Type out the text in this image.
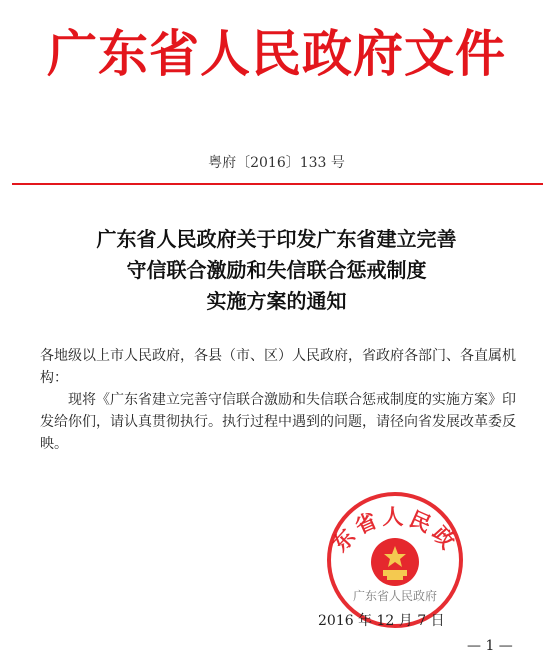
广东省人民政府文件
粤府〔2016〕133 号
广东省人民政府关于印发广东省建立完善
守信联合激励和失信联合惩戒制度
实施方案的通知
各地级以上市人民政府，各县（市、区）人民政府，省政府各部门、各直属机构：
现将《广东省建立完善守信联合激励和失信联合惩戒制度的实施方案》印发给你们，请认真贯彻执行。执行过程中遇到的问题，请径向省发展改革委反映。
东省人民政
广东省人民政府
2016 年 12 月 7 日
— 1 —
